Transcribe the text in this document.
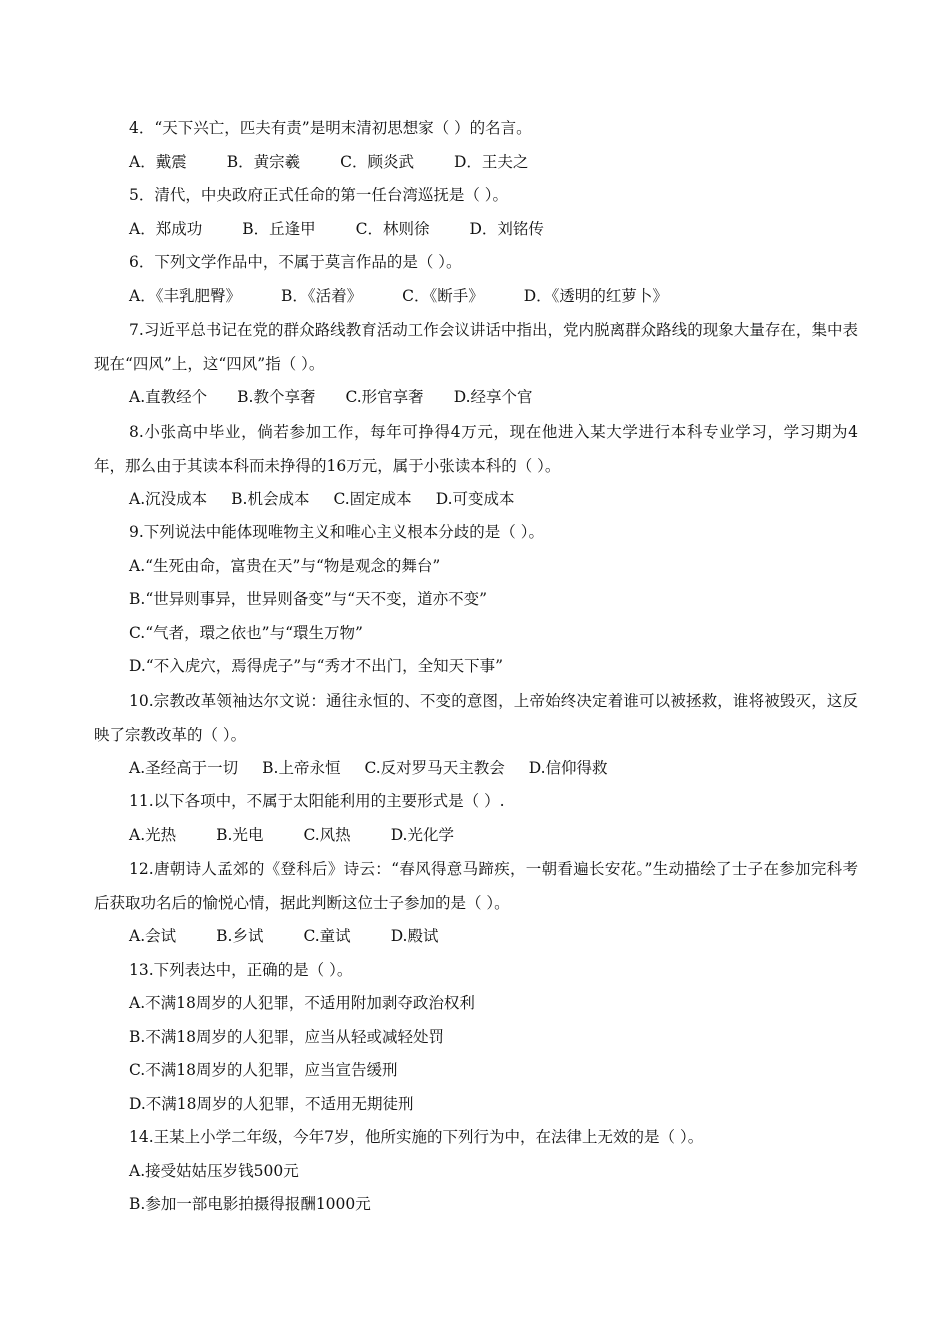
4．“天下兴亡，匹夫有责”是明末清初思想家（ ）的名言。

A．戴震	B．黄宗羲	C．顾炎武	D．王夫之

5．清代，中央政府正式任命的第一任台湾巡抚是（ ）。

A．郑成功	B．丘逢甲	C．林则徐	D．刘铭传

6．下列文学作品中，不属于莫言作品的是（ ）。

A．《丰乳肥臀》	B．《活着》	C．《断手》	D．《透明的红萝卜》

7.习近平总书记在党的群众路线教育活动工作会议讲话中指出，党内脱离群众路线的现象大量存在，集中表现在“四风”上，这“四风”指（ ）。

A.直教经个 B.教个享奢 C.形官享奢 D.经享个官

8.小张高中毕业，倘若参加工作，每年可挣得4万元，现在他进入某大学进行本科专业学习，学习期为4年，那么由于其读本科而未挣得的16万元，属于小张读本科的（ ）。

A.沉没成本 B.机会成本 C.固定成本 D.可变成本

9.下列说法中能体现唯物主义和唯心主义根本分歧的是（ ）。

A.“生死由命，富贵在天”与“物是观念的舞台”

B.“世异则事异，世异则备变”与“天不变，道亦不变”

C.“气者，環之依也”与“環生万物”

D.“不入虎穴，焉得虎子”与“秀才不出门，全知天下事”

10.宗教改革领袖达尔文说：通往永恒的、不变的意图，上帝始终决定着谁可以被拯救，谁将被毁灭，这反映了宗教改革的（ ）。

A.圣经高于一切 B.上帝永恒 C.反对罗马天主教会 D.信仰得救

11.以下各项中，不属于太阳能利用的主要形式是（ ）.

A.光热	B.光电	C.风热	D.光化学

12.唐朝诗人孟郊的《登科后》诗云：“春风得意马蹄疾，一朝看遍长安花。”生动描绘了士子在参加完科考后获取功名后的愉悦心情，据此判断这位士子参加的是（ ）。

A.会试	B.乡试	C.童试	D.殿试

13.下列表达中，正确的是（ ）。

A.不满18周岁的人犯罪，不适用附加剥夺政治权利

B.不满18周岁的人犯罪，应当从轻或减轻处罚

C.不满18周岁的人犯罪，应当宣告缓刑

D.不满18周岁的人犯罪，不适用无期徒刑

14.王某上小学二年级，今年7岁，他所实施的下列行为中，在法律上无效的是（ ）。

A.接受姑姑压岁钱500元

B.参加一部电影拍摄得报酬1000元
